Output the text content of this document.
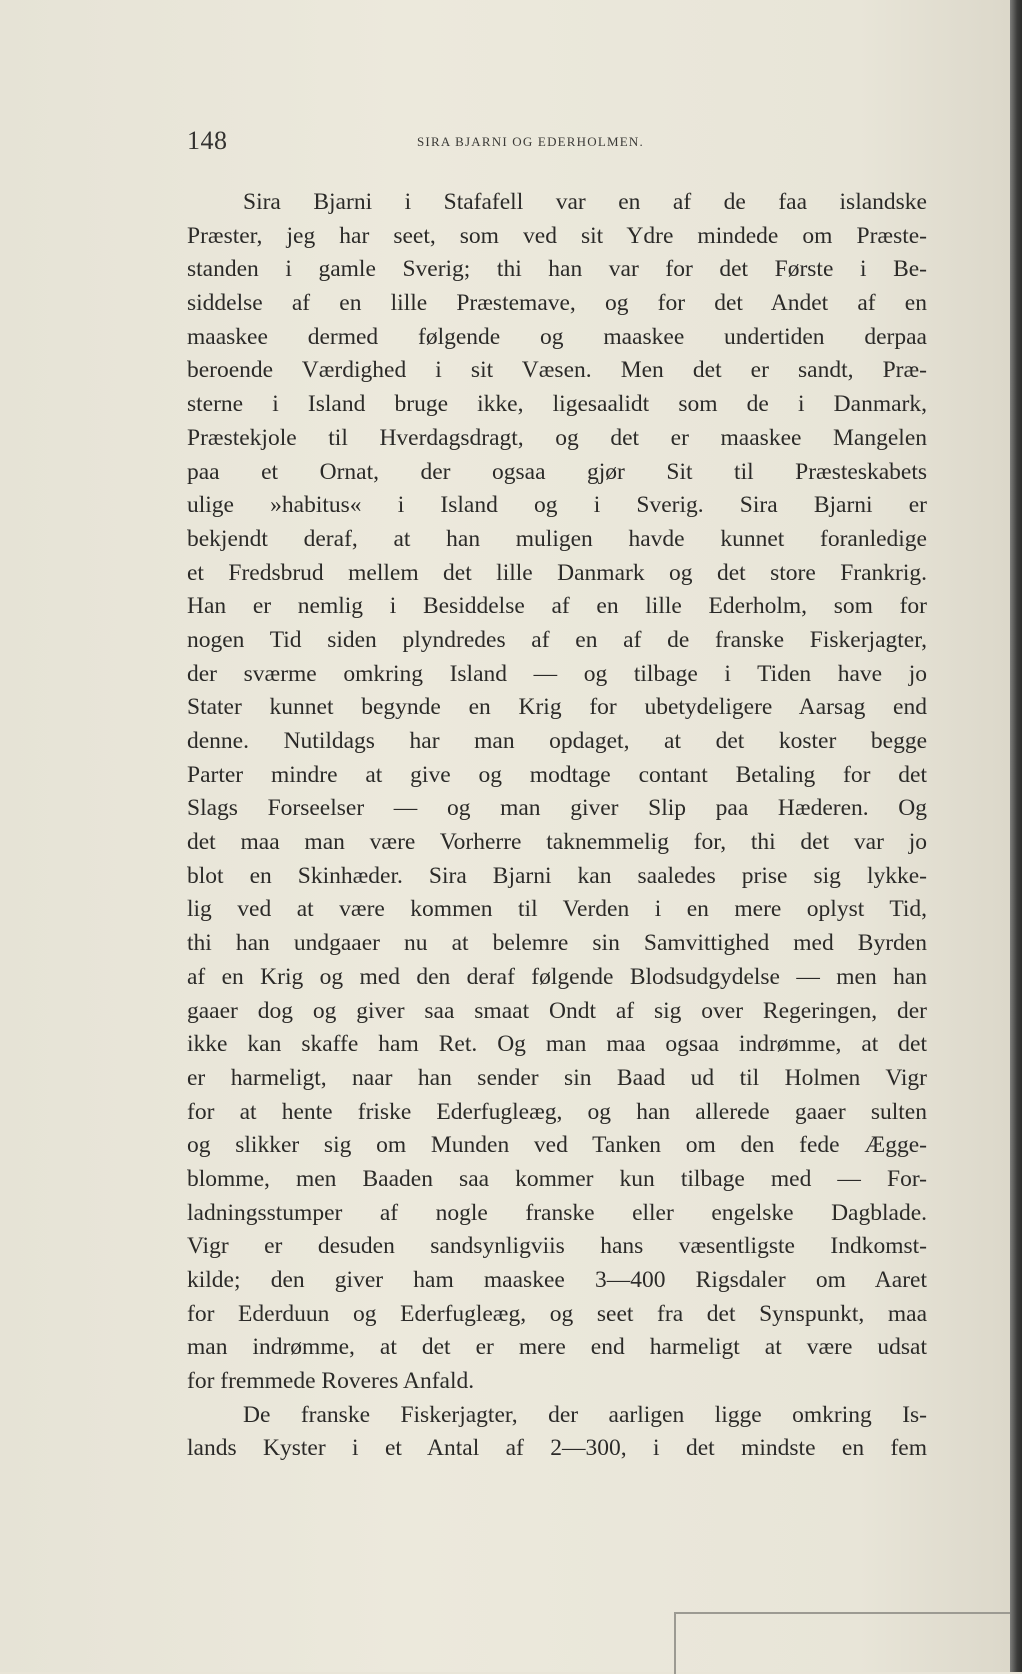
148	SIRA BJARNI OG EDERHOLMEN.
Sira Bjarni i Stafafell var en af de faa islandske
Præster, jeg har seet, som ved sit Ydre mindede om Præste-
standen i gamle Sverig; thi han var for det Første i Be-
siddelse af en lille Præstemave, og for det Andet af en
maaskee dermed følgende og maaskee undertiden derpaa
beroende Værdighed i sit Væsen. Men det er sandt, Præ-
sterne i Island bruge ikke, ligesaalidt som de i Danmark,
Præstekjole til Hverdagsdragt, og det er maaskee Mangelen
paa et Ornat, der ogsaa gjør Sit til Præsteskabets
ulige »habitus« i Island og i Sverig. Sira Bjarni er
bekjendt deraf, at han muligen havde kunnet foranledige
et Fredsbrud mellem det lille Danmark og det store Frankrig.
Han er nemlig i Besiddelse af en lille Ederholm, som for
nogen Tid siden plyndredes af en af de franske Fiskerjagter,
der sværme omkring Island — og tilbage i Tiden have jo
Stater kunnet begynde en Krig for ubetydeligere Aarsag end
denne. Nutildags har man opdaget, at det koster begge
Parter mindre at give og modtage contant Betaling for det
Slags Forseelser — og man giver Slip paa Hæderen. Og
det maa man være Vorherre taknemmelig for, thi det var jo
blot en Skinhæder. Sira Bjarni kan saaledes prise sig lykke-
lig ved at være kommen til Verden i en mere oplyst Tid,
thi han undgaaer nu at belemre sin Samvittighed med Byrden
af en Krig og med den deraf følgende Blodsudgydelse — men han
gaaer dog og giver saa smaat Ondt af sig over Regeringen, der
ikke kan skaffe ham Ret. Og man maa ogsaa indrømme, at det
er harmeligt, naar han sender sin Baad ud til Holmen Vigr
for at hente friske Ederfugleæg, og han allerede gaaer sulten
og slikker sig om Munden ved Tanken om den fede Ægge-
blomme, men Baaden saa kommer kun tilbage med — For-
ladningsstumper af nogle franske eller engelske Dagblade.
Vigr er desuden sandsynligviis hans væsentligste Indkomst-
kilde; den giver ham maaskee 3—400 Rigsdaler om Aaret
for Ederduun og Ederfugleæg, og seet fra det Synspunkt, maa
man indrømme, at det er mere end harmeligt at være udsat
for fremmede Roveres Anfald.
De franske Fiskerjagter, der aarligen ligge omkring Is-
lands Kyster i et Antal af 2—300, i det mindste en fem
